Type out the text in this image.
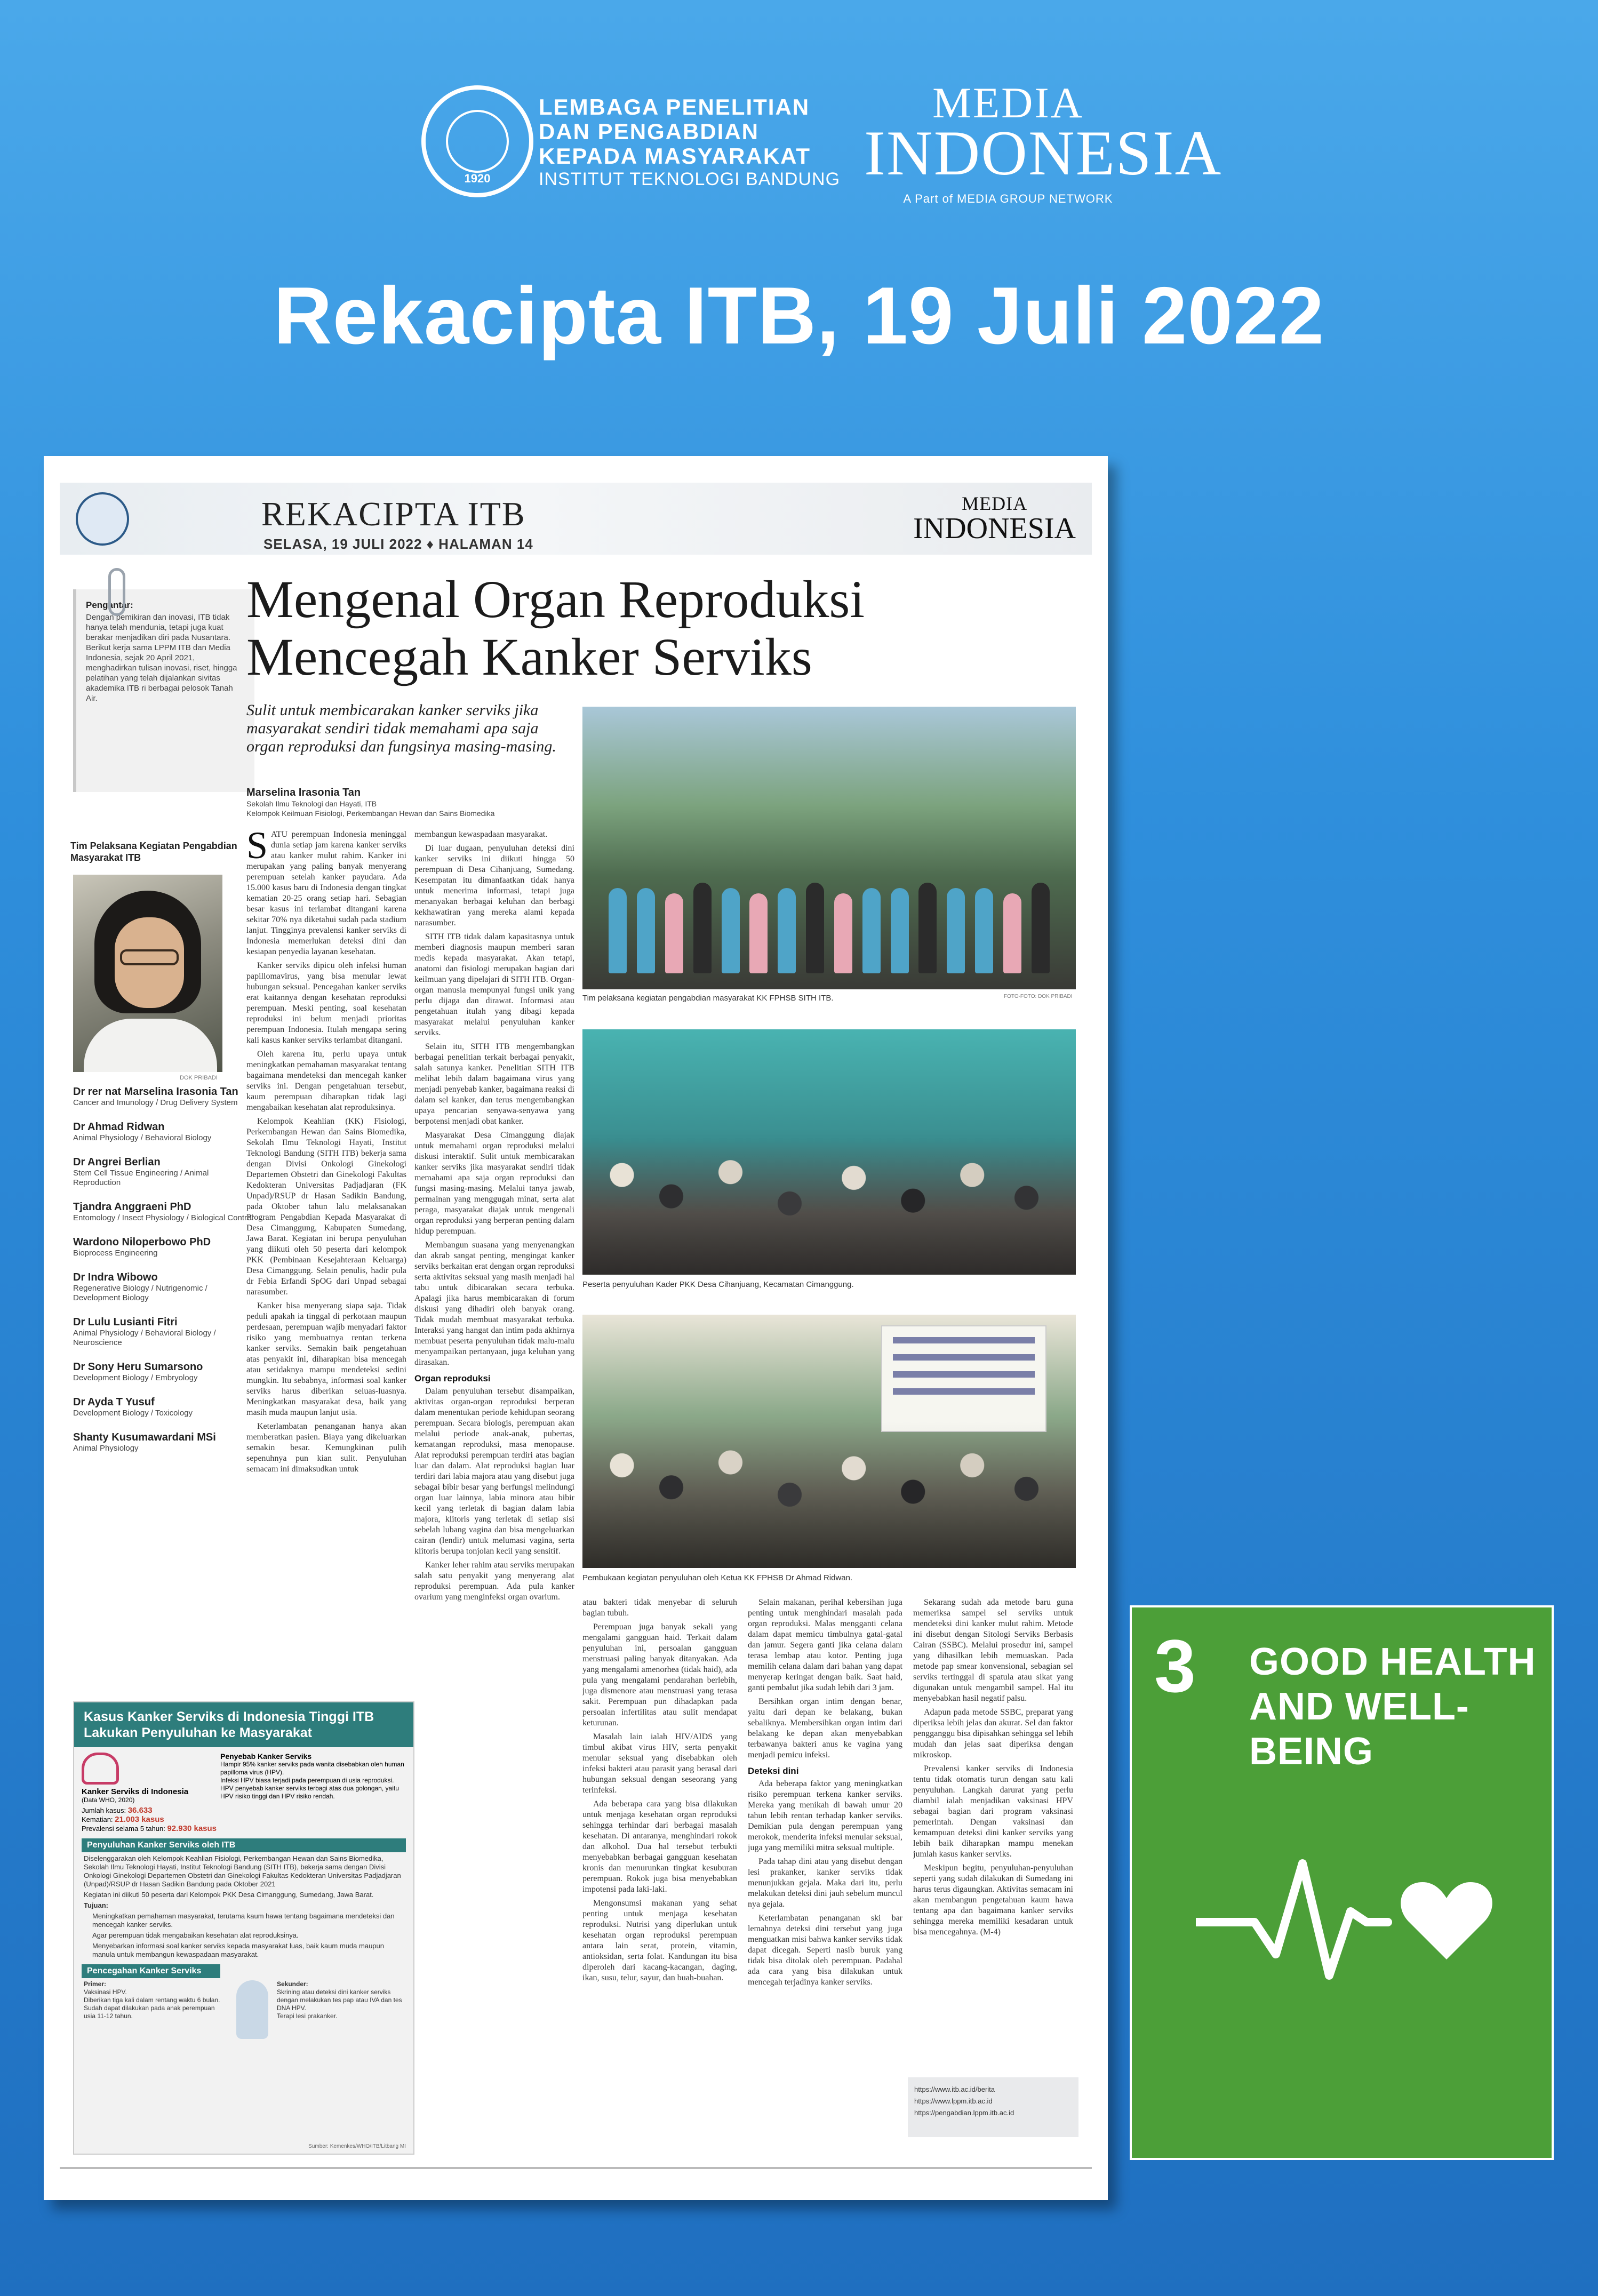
1920
LEMBAGA PENELITIAN
DAN PENGABDIAN
KEPADA MASYARAKAT
INSTITUT TEKNOLOGI BANDUNG
MEDIA
INDONESIA
A Part of MEDIA GROUP NETWORK
Rekacipta ITB, 19 Juli 2022
REKACIPTA ITB
SELASA, 19 JULI 2022 ♦ HALAMAN 14
MEDIA
INDONESIA
Pengantar:
Dengan pemikiran dan inovasi, ITB tidak hanya telah mendunia, tetapi juga kuat berakar menjadikan diri pada Nusantara. Berikut kerja sama LPPM ITB dan Media Indonesia, sejak 20 April 2021, menghadirkan tulisan inovasi, riset, hingga pelatihan yang telah dijalankan sivitas akademika ITB ri berbagai pelosok Tanah Air.
Mengenal Organ Reproduksi
Mencegah Kanker Serviks
Sulit untuk membicarakan kanker serviks jika masyarakat sendiri tidak memahami apa saja organ reproduksi dan fungsinya masing-masing.
Marselina Irasonia Tan
Sekolah Ilmu Teknologi dan Hayati, ITB
Kelompok Keilmuan Fisiologi, Perkembangan Hewan dan Sains Biomedika
Tim Pelaksana Kegiatan Pengabdian Masyarakat ITB
DOK PRIBADI
Dr rer nat Marselina Irasonia Tan
Cancer and Imunology / Drug Delivery System
Dr Ahmad Ridwan
Animal Physiology / Behavioral Biology
Dr Angrei Berlian
Stem Cell Tissue Engineering / Animal Reproduction
Tjandra Anggraeni PhD
Entomology / Insect Physiology / Biological Control
Wardono Niloperbowo PhD
Bioprocess Engineering
Dr Indra Wibowo
Regenerative Biology / Nutrigenomic / Development Biology
Dr Lulu Lusianti Fitri
Animal Physiology / Behavioral Biology / Neuroscience
Dr Sony Heru Sumarsono
Development Biology / Embryology
Dr Ayda T Yusuf
Development Biology / Toxicology
Shanty Kusumawardani MSi
Animal Physiology

SATU perempuan Indonesia meninggal dunia setiap jam karena kanker serviks atau kanker mulut rahim. Kanker ini merupakan yang paling banyak menyerang perempuan setelah kanker payudara. Ada 15.000 kasus baru di Indonesia dengan tingkat kematian 20-25 orang setiap hari. Sebagian besar kasus ini terlambat ditangani karena sekitar 70% nya diketahui sudah pada stadium lanjut. Tingginya prevalensi kanker serviks di Indonesia memerlukan deteksi dini dan kesiapan penyedia layanan kesehatan.

Kanker serviks dipicu oleh infeksi human papillomavirus, yang bisa menular lewat hubungan seksual. Pencegahan kanker serviks erat kaitannya dengan kesehatan reproduksi perempuan. Meski penting, soal kesehatan reproduksi ini belum menjadi prioritas perempuan Indonesia. Itulah mengapa sering kali kasus kanker serviks terlambat ditangani.

Oleh karena itu, perlu upaya untuk meningkatkan pemahaman masyarakat tentang bagaimana mendeteksi dan mencegah kanker serviks ini. Dengan pengetahuan tersebut, kaum perempuan diharapkan tidak lagi mengabaikan kesehatan alat reproduksinya.

Kelompok Keahlian (KK) Fisiologi, Perkembangan Hewan dan Sains Biomedika, Sekolah Ilmu Teknologi Hayati, Institut Teknologi Bandung (SITH ITB) bekerja sama dengan Divisi Onkologi Ginekologi Departemen Obstetri dan Ginekologi Fakultas Kedokteran Universitas Padjadjaran (FK Unpad)/RSUP dr Hasan Sadikin Bandung, pada Oktober tahun lalu melaksanakan Program Pengabdian Kepada Masyarakat di Desa Cimanggung, Kabupaten Sumedang, Jawa Barat. Kegiatan ini berupa penyuluhan yang diikuti oleh 50 peserta dari kelompok PKK (Pembinaan Kesejahteraan Keluarga) Desa Cimanggung. Selain penulis, hadir pula dr Febia Erfandi SpOG dari Unpad sebagai narasumber.

Kanker bisa menyerang siapa saja. Tidak peduli apakah ia tinggal di perkotaan maupun perdesaan, perempuan wajib menyadari faktor risiko yang membuatnya rentan terkena kanker serviks. Semakin baik pengetahuan atas penyakit ini, diharapkan bisa mencegah atau setidaknya mampu mendeteksi sedini mungkin. Itu sebabnya, informasi soal kanker serviks harus diberikan seluas-luasnya. Meningkatkan masyarakat desa, baik yang masih muda maupun lanjut usia.

Keterlambatan penanganan hanya akan memberatkan pasien. Biaya yang dikeluarkan semakin besar. Kemungkinan pulih sepenuhnya pun kian sulit. Penyuluhan semacam ini dimaksudkan untuk

membangun kewaspadaan masyarakat.

Di luar dugaan, penyuluhan deteksi dini kanker serviks ini diikuti hingga 50 perempuan di Desa Cihanjuang, Sumedang. Kesempatan itu dimanfaatkan tidak hanya untuk menerima informasi, tetapi juga menanyakan berbagai keluhan dan berbagi kekhawatiran yang mereka alami kepada narasumber.

SITH ITB tidak dalam kapasitasnya untuk memberi diagnosis maupun memberi saran medis kepada masyarakat. Akan tetapi, anatomi dan fisiologi merupakan bagian dari keilmuan yang dipelajari di SITH ITB. Organ-organ manusia mempunyai fungsi unik yang perlu dijaga dan dirawat. Informasi atau pengetahuan itulah yang dibagi kepada masyarakat melalui penyuluhan kanker serviks.

Selain itu, SITH ITB mengembangkan berbagai penelitian terkait berbagai penyakit, salah satunya kanker. Penelitian SITH ITB melihat lebih dalam bagaimana virus yang menjadi penyebab kanker, bagaimana reaksi di dalam sel kanker, dan terus mengembangkan upaya pencarian senyawa-senyawa yang berpotensi menjadi obat kanker.

Masyarakat Desa Cimanggung diajak untuk memahami organ reproduksi melalui diskusi interaktif. Sulit untuk membicarakan kanker serviks jika masyarakat sendiri tidak memahami apa saja organ reproduksi dan fungsi masing-masing. Melalui tanya jawab, permainan yang menggugah minat, serta alat peraga, masyarakat diajak untuk mengenali organ reproduksi yang berperan penting dalam hidup perempuan.

Membangun suasana yang menyenangkan dan akrab sangat penting, mengingat kanker serviks berkaitan erat dengan organ reproduksi serta aktivitas seksual yang masih menjadi hal tabu untuk dibicarakan secara terbuka. Apalagi jika harus membicarakan di forum diskusi yang dihadiri oleh banyak orang. Tidak mudah membuat masyarakat terbuka. Interaksi yang hangat dan intim pada akhirnya membuat peserta penyuluhan tidak malu-malu menyampaikan pertanyaan, juga keluhan yang dirasakan.

Organ reproduksi

Dalam penyuluhan tersebut disampaikan, aktivitas organ-organ reproduksi berperan dalam menentukan periode kehidupan seorang perempuan. Secara biologis, perempuan akan melalui periode anak-anak, pubertas, kematangan reproduksi, masa menopause. Alat reproduksi perempuan terdiri atas bagian luar dan dalam. Alat reproduksi bagian luar terdiri dari labia majora atau yang disebut juga sebagai bibir besar yang berfungsi melindungi organ luar lainnya, labia minora atau bibir kecil yang terletak di bagian dalam labia majora, klitoris yang terletak di setiap sisi sebelah lubang vagina dan bisa mengeluarkan cairan (lendir) untuk melumasi vagina, serta klitoris berupa tonjolan kecil yang sensitif.

Kanker leher rahim atau serviks merupakan salah satu penyakit yang menyerang alat reproduksi perempuan. Ada pula kanker ovarium yang menginfeksi organ ovarium.

Tim pelaksana kegiatan pengabdian masyarakat KK FPHSB SITH ITB.	FOTO-FOTO: DOK PRIBADI
Peserta penyuluhan Kader PKK Desa Cihanjuang, Kecamatan Cimanggung.
Pembukaan kegiatan penyuluhan oleh Ketua KK FPHSB Dr Ahmad Ridwan.

atau bakteri tidak menyebar di seluruh bagian tubuh.

Perempuan juga banyak sekali yang mengalami gangguan haid. Terkait dalam penyuluhan ini, persoalan gangguan menstruasi paling banyak ditanyakan. Ada yang mengalami amenorhea (tidak haid), ada pula yang mengalami pendarahan berlebih, juga dismenore atau menstruasi yang terasa sakit. Perempuan pun dihadapkan pada persoalan infertilitas atau sulit mendapat keturunan.

Masalah lain ialah HIV/AIDS yang timbul akibat virus HIV, serta penyakit menular seksual yang disebabkan oleh infeksi bakteri atau parasit yang berasal dari hubungan seksual dengan seseorang yang terinfeksi.

Ada beberapa cara yang bisa dilakukan untuk menjaga kesehatan organ reproduksi sehingga terhindar dari berbagai masalah kesehatan. Di antaranya, menghindari rokok dan alkohol. Dua hal tersebut terbukti menyebabkan berbagai gangguan kesehatan kronis dan menurunkan tingkat kesuburan perempuan. Rokok juga bisa menyebabkan impotensi pada laki-laki.

Mengonsumsi makanan yang sehat penting untuk menjaga kesehatan reproduksi. Nutrisi yang diperlukan untuk kesehatan organ reproduksi perempuan antara lain serat, protein, vitamin, antioksidan, serta folat. Kandungan itu bisa diperoleh dari kacang-kacangan, daging, ikan, susu, telur, sayur, dan buah-buahan.

Selain makanan, perihal kebersihan juga penting untuk menghindari masalah pada organ reproduksi. Malas mengganti celana dalam dapat memicu timbulnya gatal-gatal dan jamur. Segera ganti jika celana dalam terasa lembap atau kotor. Penting juga memilih celana dalam dari bahan yang dapat menyerap keringat dengan baik. Saat haid, ganti pembalut jika sudah lebih dari 3 jam.

Bersihkan organ intim dengan benar, yaitu dari depan ke belakang, bukan sebaliknya. Membersihkan organ intim dari belakang ke depan akan menyebabkan terbawanya bakteri anus ke vagina yang menjadi pemicu infeksi.

Deteksi dini

Ada beberapa faktor yang meningkatkan risiko perempuan terkena kanker serviks. Mereka yang menikah di bawah umur 20 tahun lebih rentan terhadap kanker serviks. Demikian pula dengan perempuan yang merokok, menderita infeksi menular seksual, juga yang memiliki mitra seksual multiple.

Pada tahap dini atau yang disebut dengan lesi prakanker, kanker serviks tidak menunjukkan gejala. Maka dari itu, perlu melakukan deteksi dini jauh sebelum muncul nya gejala.

Keterlambatan penanganan ski bar lemahnya deteksi dini tersebut yang juga menguatkan misi bahwa kanker serviks tidak dapat dicegah. Seperti nasib buruk yang tidak bisa ditolak oleh perempuan. Padahal ada cara yang bisa dilakukan untuk mencegah terjadinya kanker serviks.

Sekarang sudah ada metode baru guna memeriksa sampel sel serviks untuk mendeteksi dini kanker mulut rahim. Metode ini disebut dengan Sitologi Serviks Berbasis Cairan (SSBC). Melalui prosedur ini, sampel yang dihasilkan lebih memuaskan. Pada metode pap smear konvensional, sebagian sel serviks tertinggal di spatula atau sikat yang digunakan untuk mengambil sampel. Hal itu menyebabkan hasil negatif palsu.

Adapun pada metode SSBC, preparat yang diperiksa lebih jelas dan akurat. Sel dan faktor pengganggu bisa dipisahkan sehingga sel lebih mudah dan jelas saat diperiksa dengan mikroskop.

Prevalensi kanker serviks di Indonesia tentu tidak otomatis turun dengan satu kali penyuluhan. Langkah darurat yang perlu diambil ialah menjadikan vaksinasi HPV sebagai bagian dari program vaksinasi pemerintah. Dengan vaksinasi dan kemampuan deteksi dini kanker serviks yang lebih baik diharapkan mampu menekan jumlah kasus kanker serviks.

Meskipun begitu, penyuluhan-penyuluhan seperti yang sudah dilakukan di Sumedang ini harus terus digaungkan. Aktivitas semacam ini akan membangun pengetahuan kaum hawa tentang apa dan bagaimana kanker serviks sehingga mereka memiliki kesadaran untuk bisa mencegahnya. (M-4)

https://www.itb.ac.id/berita
https://www.lppm.itb.ac.id
https://pengabdian.lppm.itb.ac.id
Kasus Kanker Serviks di Indonesia Tinggi ITB Lakukan Penyuluhan ke Masyarakat
Kanker Serviks di Indonesia
(Data WHO, 2020)
Jumlah kasus: 36.633
Kematian: 21.003 kasus
Prevalensi selama 5 tahun: 92.930 kasus
Penyebab Kanker Serviks
Hampir 95% kanker serviks pada wanita disebabkan oleh human papilloma virus (HPV).
Infeksi HPV biasa terjadi pada perempuan di usia reproduksi.
HPV penyebab kanker serviks terbagi atas dua golongan, yaitu HPV risiko tinggi dan HPV risiko rendah.
Penyuluhan Kanker Serviks oleh ITB
Diselenggarakan oleh Kelompok Keahlian Fisiologi, Perkembangan Hewan dan Sains Biomedika, Sekolah Ilmu Teknologi Hayati, Institut Teknologi Bandung (SITH ITB), bekerja sama dengan Divisi Onkologi Ginekologi Departemen Obstetri dan Ginekologi Fakultas Kedokteran Universitas Padjadjaran (Unpad)/RSUP dr Hasan Sadikin Bandung pada Oktober 2021
Kegiatan ini diikuti 50 peserta dari Kelompok PKK Desa Cimanggung, Sumedang, Jawa Barat.
Tujuan:
Meningkatkan pemahaman masyarakat, terutama kaum hawa tentang bagaimana mendeteksi dan mencegah kanker serviks.
Agar perempuan tidak mengabaikan kesehatan alat reproduksinya.
Menyebarkan informasi soal kanker serviks kepada masyarakat luas, baik kaum muda maupun manula untuk membangun kewaspadaan masyarakat.
Pencegahan Kanker Serviks
Primer:
Vaksinasi HPV.
Diberikan tiga kali dalam rentang waktu 6 bulan.
Sudah dapat dilakukan pada anak perempuan usia 11-12 tahun.
Sekunder:
Skrining atau deteksi dini kanker serviks dengan melakukan tes pap atau IVA dan tes DNA HPV.
Terapi lesi prakanker.
Sumber: Kemenkes/WHO/ITB/Litbang MI
3 GOOD HEALTH
AND WELL-BEING
